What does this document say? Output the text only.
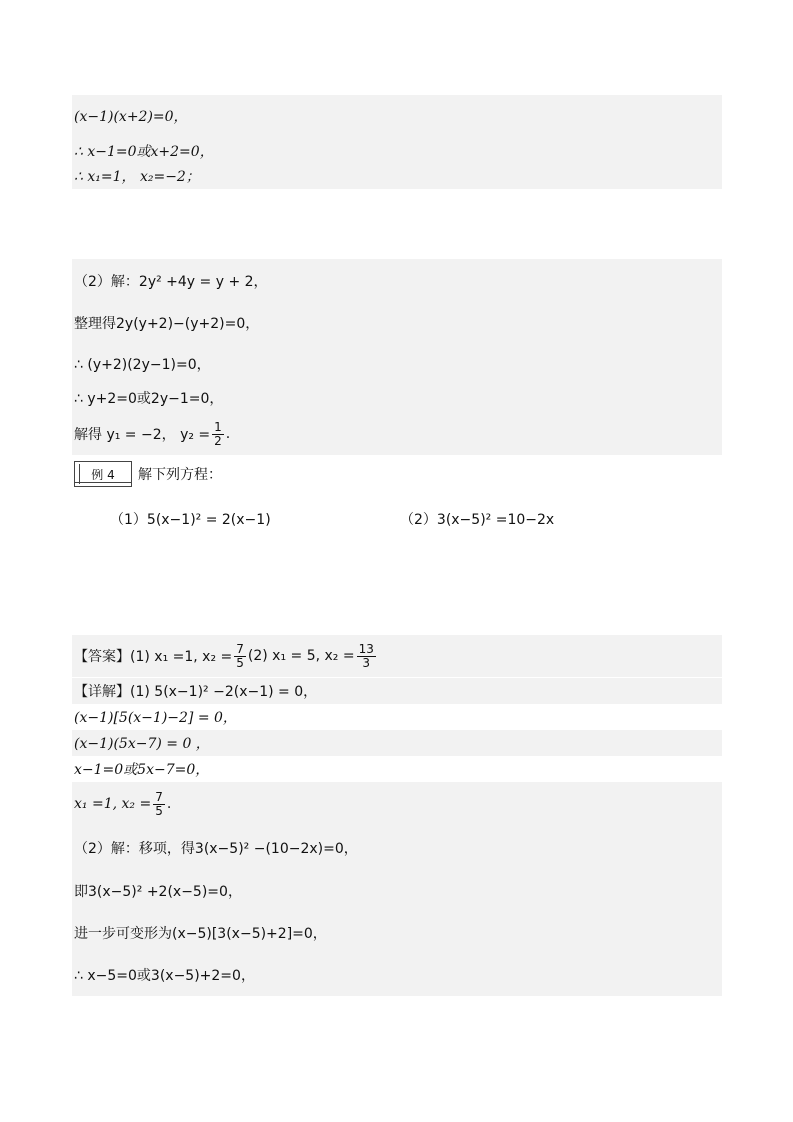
(x−1)(x+2)=0，
∴ x−1=0或x+2=0，
∴ x₁=1， x₂=−2；
（2）解：2y² +4y = y + 2，
整理得2y(y+2)−(y+2)=0，
∴ (y+2)(2y−1)=0，
∴ y+2=0或2y−1=0，
解得 y₁ = −2， $y_2 = \frac{1}{2}$ .
例 4	解下列方程：
（1）5(x−1)² = 2(x−1)	（2）3(x−5)² =10−2x
【答案】(1) x₁ =1, $x_2 = \frac{7}{5} (2) x_1 = 5$, $x_2 = \frac{13}{3}$
【详解】(1) 5(x−1)² −2(x−1) = 0，
(x−1)[5(x−1)−2] = 0，
(x−1)(5x−7) = 0 ，
x−1=0或5x−7=0，
x₁ =1, $x_2 = \frac{7}{5}$ .
（2）解：移项，得3(x−5)² −(10−2x)=0，
即3(x−5)² +2(x−5)=0，
进一步可变形为(x−5)[3(x−5)+2]=0，
∴ x−5=0或3(x−5)+2=0，
